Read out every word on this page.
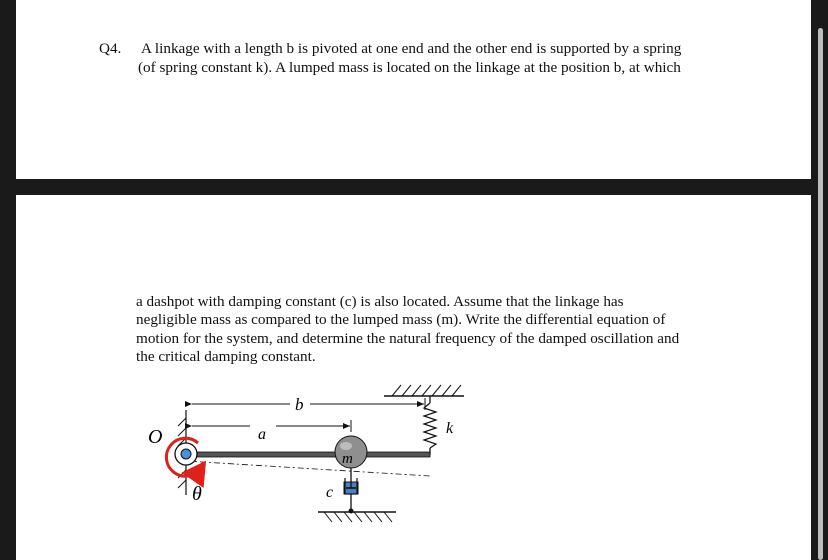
Q4. A linkage with a length b is pivoted at one end and the other end is supported by a spring
(of spring constant k). A lumped mass is located on the linkage at the position b, at which
a dashpot with damping constant (c) is also located. Assume that the linkage has
negligible mass as compared to the lumped mass (m). Write the differential equation of
motion for the system, and determine the natural frequency of the damped oscillation and
the critical damping constant.
O
θ
b
a
m
k
c
